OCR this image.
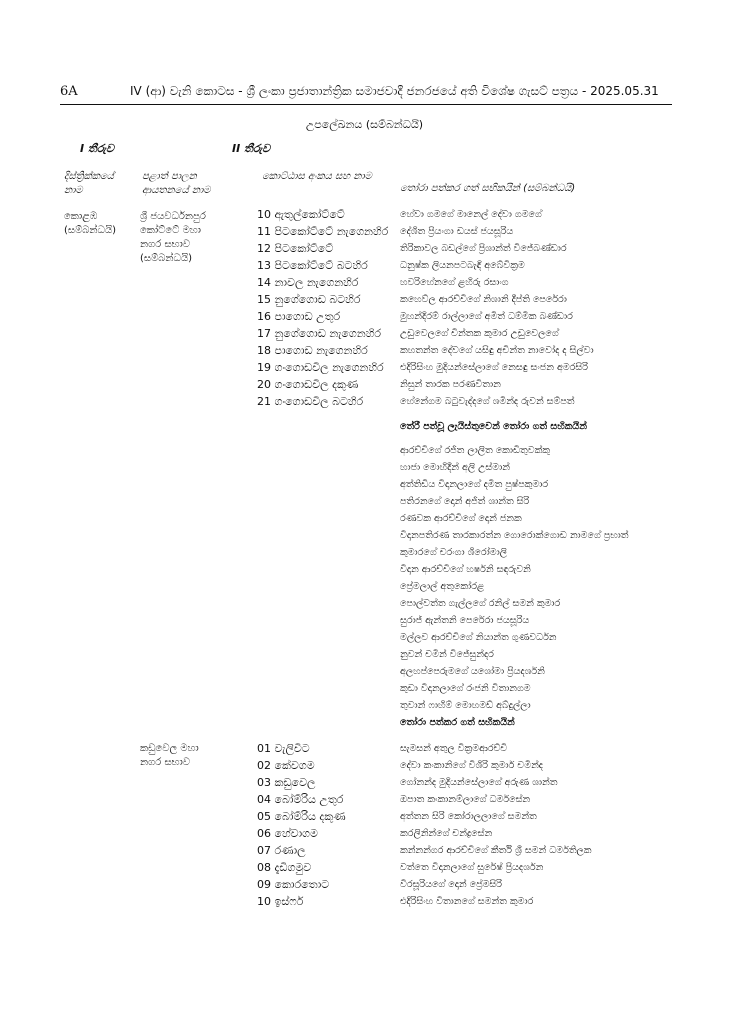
6A	IV (ආ) වැනි කොටස - ශ්‍රී ලංකා ප්‍රජාතාන්ත්‍රික සමාජවාදී ජනරජයේ අති විශේෂ ගැසට් පත්‍රය - 2025.05.31
උපලේඛනය (සම්බන්ධයි)
I තීරුව	II තීරුව
දිස්ත්‍රික්කයේ නාම
පළාත් පාලන ආයතනයේ නාම
කොට්ඨාස අංකය සහ නාම
තෝරා පත්කර ගත් සභිකයින් (සම්බන්ධයි)
කොළඹ (සම්බන්ධයි)
ශ්‍රී ජයවර්ධනපුර
කෝට්ටේ මහා
නගර සභාව
(සම්බන්ධයි)
10 ඇතුල්කෝට්ටේ
11 පිටකෝට්ටේ නැගෙනහිර
12 පිටකෝට්ටේ
13 පිටකෝට්ටේ බටහිර
14 නාවල නැගෙනහිර
15 නුගේගොඩ බටහිර
16 පාගොඩ උතුර
17 නුගේගොඩ නැගෙනහිර
18 පාගොඩ නැගෙනහිර
19 ගංගොඩවිල නැගෙනහිර
20 ගංගොඩවිල දකුණ
21 ගංගොඩවිල බටහිර
හේවා ගමගේ මානෙල් දේවා ගමගේ
දේශිත ප්‍රියංගා ඩයස් ජයසූරිය
තිරිකාවල බඩල්ගේ ප්‍රිශාන්ත් විජේබණ්ඩාර
ධනුෂ්ක ලියනපටබැඳි අබේවික්‍රම
හවරිහේනගේ ළහිරු රසාංග
කහෙව්ල ආරච්චිගේ නිශානි දීප්ති පෙරේරා
මුහන්දිරම් රාල්ලාගේ අමිත් ධම්මික බණ්ඩාර
උඩුවෙලගේ චින්තක කුමාර උඩුවෙලගේ
කහතන්ත දේවගේ යසිඳු අචින්ත නාවෝද ද සිල්වා
එදිරිසිංහ මුදියන්සේලාගේ නෙසඳු සංජන අමරසිරි
නිසුන් තාරක පරණවිතාන
හේනේගම බටුවැද්දගේ ශමින්ද රුවන් සම්පත්
තේරී පත්වූ ලැයිස්තුවෙන් තෝරා ගත් සභිකයින්
ආරච්චිගේ රජිත ලාලිත කොඩිතුවක්කු
හාජා මොහිදීන් අලි උස්මාන්
අත්තිඩිය විදානලාගේ දමිත පුෂ්පකුමාර
පතිරනගේ දොන් අජිත් ශාන්ත සිරි
රණවක ආරච්චිගේ දොන් ජනක
විදානපතිරණ තාරකාරත්න ගොරොක්ගොඩ නාමගේ ප්‍රභාත්
කුමාරගේ චරංගා ශිරෝමාලි
විදාන ආරච්චිගේ හර්ෂනි සඳරුවනි
ප්‍රේමලාල් අතුකෝරළ
පොල්වත්ත ගැල්ලගේ රනිල් සමන් කුමාර
සුරාජ් ඇන්තනි පෙරේරා ජයසූරිය
මල්ලව ආරච්චිගේ නියාන්ත ගුණවර්ධන
නුවන් චමින් විජේසුන්දර
අලහප්පෙරුමගේ යශෝමා ප්‍රියදර්ශනි
කුඩා විදානලාගේ රංජනි විතානගම
තුවාන් ෆාහිම් මොහමඩ් අබ්දුල්ලා
තෝරා පත්කර ගත් සභිකයින්
කඩුවෙල මහා
නගර සභාව
01 වැලිවිට
02 කේවගම
03 කඩුවෙල
04 බෝම්රිය උතුර
05 බෝම්රිය දකුණ
06 හේවාගම
07 රණාල
08 දැඩිගමුව
09 කොරතොට
10 ඉස්ෆර්
සැමසන් අතුල වික්‍රමආරච්චි
දේවා කංකානිගේ විශිරි කුමාර් චමින්ද
ගෝනන්ද මුදියන්සේලාගේ අරුණ ශාන්ත
ඔපාත කංකානම්ලාගේ ධර්මසේන
අත්තන සිරි කෝරාලලාගේ සමන්ත
කරලිනින්ගේ චන්ද්‍රසේන
කන්නන්ගර ආරච්චිගේ කීර්ති ශ්‍රී සමන් ධර්මතිලක
වත්තෙ විදානලාගේ සුරේෂ් ප්‍රියදර්ශන
වීරසූරියගේ දොන් ප්‍රේමසිරි
එදිරිසිංහ විතානගේ සමන්ත කුමාර
